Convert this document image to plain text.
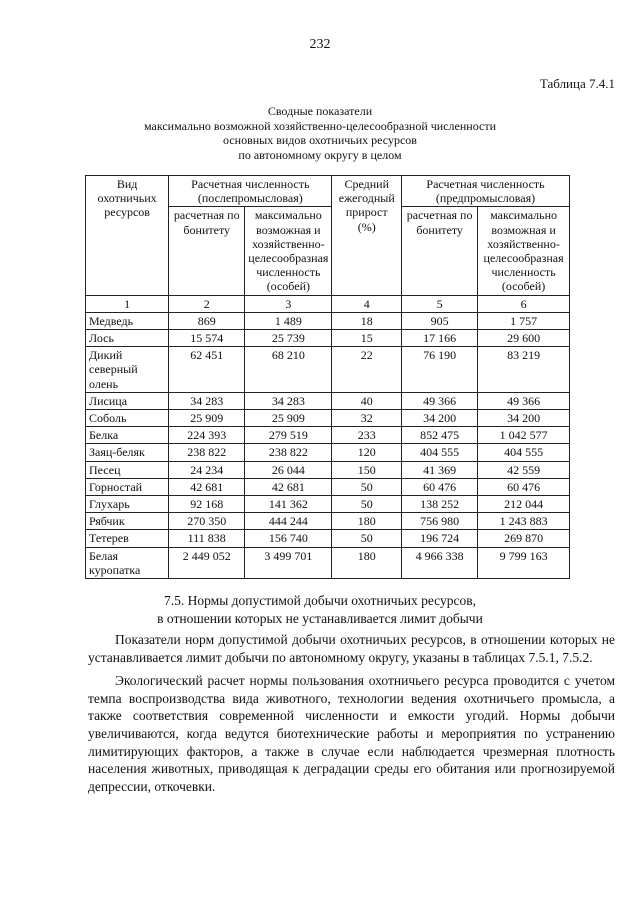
232
Таблица 7.4.1
Сводные показатели
максимально возможной хозяйственно-целесообразной численности
основных видов охотничьих ресурсов
по автономному округу в целом
Вид охотничьих ресурсов	Расчетная численность (послепромысловая)		Средний ежегодный прирост (%)	Расчетная численность (предпромысловая)	
	расчетная по бонитету	максимально возможная и хозяйственно-целесообразная численность (особей)		расчетная по бонитету	максимально возможная и хозяйственно-целесообразная численность (особей)
1	2	3	4	5	6
Медведь	869	1 489	18	905	1 757
Лось	15 574	25 739	15	17 166	29 600
Дикий северный олень	62 451	68 210	22	76 190	83 219
Лисица	34 283	34 283	40	49 366	49 366
Соболь	25 909	25 909	32	34 200	34 200
Белка	224 393	279 519	233	852 475	1 042 577
Заяц-беляк	238 822	238 822	120	404 555	404 555
Песец	24 234	26 044	150	41 369	42 559
Горностай	42 681	42 681	50	60 476	60 476
Глухарь	92 168	141 362	50	138 252	212 044
Рябчик	270 350	444 244	180	756 980	1 243 883
Тетерев	111 838	156 740	50	196 724	269 870
Белая куропатка	2 449 052	3 499 701	180	4 966 338	9 799 163
7.5. Нормы допустимой добычи охотничьих ресурсов,
в отношении которых не устанавливается лимит добычи

Показатели норм допустимой добычи охотничьих ресурсов, в отношении которых не устанавливается лимит добычи по автономному округу, указаны в таблицах 7.5.1, 7.5.2.

Экологический расчет нормы пользования охотничьего ресурса проводится с учетом темпа воспроизводства вида животного, технологии ведения охотничьего промысла, а также соответствия современной численности и емкости угодий. Нормы добычи увеличиваются, когда ведутся биотехнические работы и мероприятия по устранению лимитирующих факторов, а также в случае если наблюдается чрезмерная плотность населения животных, приводящая к деградации среды его обитания или прогнозируемой депрессии, откочевки.
